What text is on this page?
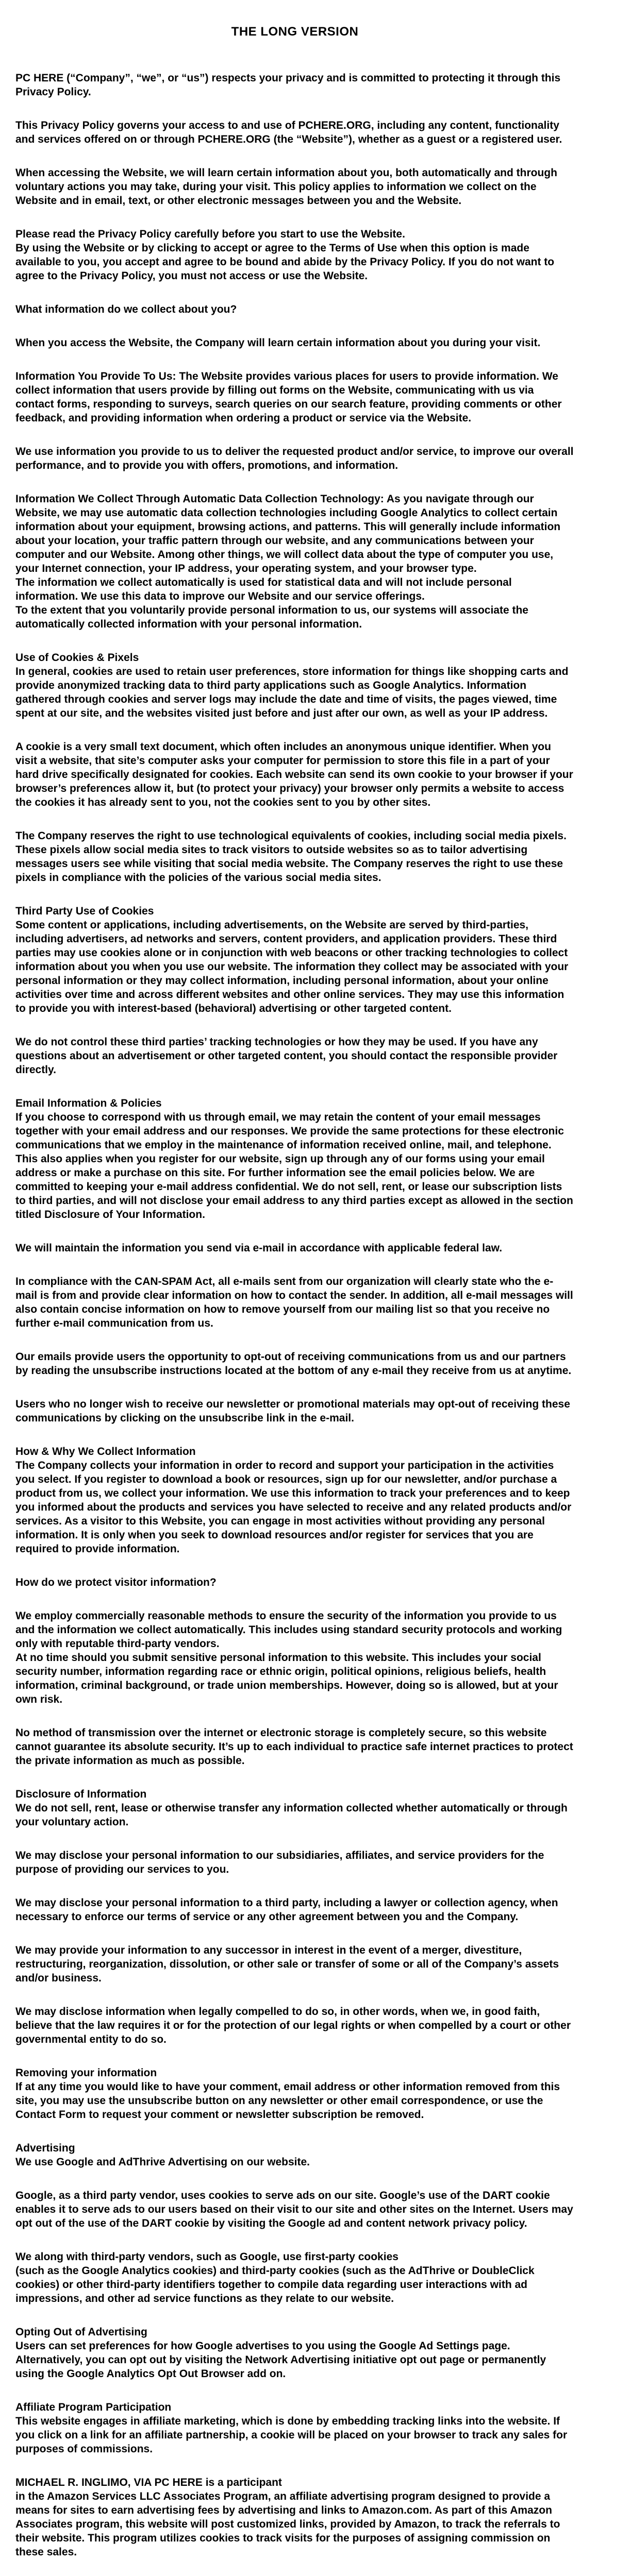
THE LONG VERSION

PC HERE (“Company”, “we”, or “us”) respects your privacy and is committed to protecting it through this Privacy Policy.

This Privacy Policy governs your access to and use of PCHERE.ORG, including any content, functionality and services offered on or through PCHERE.ORG (the “Website”), whether as a guest or a registered user.

When accessing the Website, we will learn certain information about you, both automatically and through voluntary actions you may take, during your visit. This policy applies to information we collect on the Website and in email, text, or other electronic messages between you and the Website.

Please read the Privacy Policy carefully before you start to use the Website.

By using the Website or by clicking to accept or agree to the Terms of Use when this option is made available to you, you accept and agree to be bound and abide by the Privacy Policy. If you do not want to agree to the Privacy Policy, you must not access or use the Website.

What information do we collect about you?

When you access the Website, the Company will learn certain information about you during your visit.

Information You Provide To Us: The Website provides various places for users to provide information. We collect information that users provide by filling out forms on the Website, communicating with us via contact forms, responding to surveys, search queries on our search feature, providing comments or other feedback, and providing information when ordering a product or service via the Website.

We use information you provide to us to deliver the requested product and/or service, to improve our overall performance, and to provide you with offers, promotions, and information.

Information We Collect Through Automatic Data Collection Technology: As you navigate through our Website, we may use automatic data collection technologies including Google Analytics to collect certain information about your equipment, browsing actions, and patterns. This will generally include information about your location, your traffic pattern through our website, and any communications between your computer and our Website. Among other things, we will collect data about the type of computer you use, your Internet connection, your IP address, your operating system, and your browser type.

The information we collect automatically is used for statistical data and will not include personal information. We use this data to improve our Website and our service offerings.

To the extent that you voluntarily provide personal information to us, our systems will associate the automatically collected information with your personal information.

Use of Cookies & Pixels

In general, cookies are used to retain user preferences, store information for things like shopping carts and provide anonymized tracking data to third party applications such as Google Analytics. Information gathered through cookies and server logs may include the date and time of visits, the pages viewed, time spent at our site, and the websites visited just before and just after our own, as well as your IP address.

A cookie is a very small text document, which often includes an anonymous unique identifier. When you visit a website, that site’s computer asks your computer for permission to store this file in a part of your hard drive specifically designated for cookies. Each website can send its own cookie to your browser if your browser’s preferences allow it, but (to protect your privacy) your browser only permits a website to access the cookies it has already sent to you, not the cookies sent to you by other sites.

The Company reserves the right to use technological equivalents of cookies, including social media pixels. These pixels allow social media sites to track visitors to outside websites so as to tailor advertising messages users see while visiting that social media website. The Company reserves the right to use these pixels in compliance with the policies of the various social media sites.

Third Party Use of Cookies

Some content or applications, including advertisements, on the Website are served by third-parties, including advertisers, ad networks and servers, content providers, and application providers. These third parties may use cookies alone or in conjunction with web beacons or other tracking technologies to collect information about you when you use our website. The information they collect may be associated with your personal information or they may collect information, including personal information, about your online activities over time and across different websites and other online services. They may use this information to provide you with interest-based (behavioral) advertising or other targeted content.

We do not control these third parties’ tracking technologies or how they may be used. If you have any questions about an advertisement or other targeted content, you should contact the responsible provider directly.

Email Information & Policies

If you choose to correspond with us through email, we may retain the content of your email messages together with your email address and our responses. We provide the same protections for these electronic communications that we employ in the maintenance of information received online, mail, and telephone. This also applies when you register for our website, sign up through any of our forms using your email address or make a purchase on this site. For further information see the email policies below. We are committed to keeping your e-mail address confidential. We do not sell, rent, or lease our subscription lists to third parties, and will not disclose your email address to any third parties except as allowed in the section titled Disclosure of Your Information.

We will maintain the information you send via e-mail in accordance with applicable federal law.

In compliance with the CAN-SPAM Act, all e-mails sent from our organization will clearly state who the e-mail is from and provide clear information on how to contact the sender. In addition, all e-mail messages will also contain concise information on how to remove yourself from our mailing list so that you receive no further e-mail communication from us.

Our emails provide users the opportunity to opt-out of receiving communications from us and our partners by reading the unsubscribe instructions located at the bottom of any e-mail they receive from us at anytime.

Users who no longer wish to receive our newsletter or promotional materials may opt-out of receiving these communications by clicking on the unsubscribe link in the e-mail.

How & Why We Collect Information

The Company collects your information in order to record and support your participation in the activities you select. If you register to download a book or resources, sign up for our newsletter, and/or purchase a product from us, we collect your information. We use this information to track your preferences and to keep you informed about the products and services you have selected to receive and any related products and/or services. As a visitor to this Website, you can engage in most activities without providing any personal information. It is only when you seek to download resources and/or register for services that you are required to provide information.

How do we protect visitor information?

We employ commercially reasonable methods to ensure the security of the information you provide to us and the information we collect automatically. This includes using standard security protocols and working only with reputable third-party vendors.

At no time should you submit sensitive personal information to this website. This includes your social security number, information regarding race or ethnic origin, political opinions, religious beliefs, health information, criminal background, or trade union memberships. However, doing so is allowed, but at your own risk.

No method of transmission over the internet or electronic storage is completely secure, so this website cannot guarantee its absolute security. It’s up to each individual to practice safe internet practices to protect the private information as much as possible.

Disclosure of Information

We do not sell, rent, lease or otherwise transfer any information collected whether automatically or through your voluntary action.

We may disclose your personal information to our subsidiaries, affiliates, and service providers for the purpose of providing our services to you.

We may disclose your personal information to a third party, including a lawyer or collection agency, when necessary to enforce our terms of service or any other agreement between you and the Company.

We may provide your information to any successor in interest in the event of a merger, divestiture, restructuring, reorganization, dissolution, or other sale or transfer of some or all of the Company’s assets and/or business.

We may disclose information when legally compelled to do so, in other words, when we, in good faith, believe that the law requires it or for the protection of our legal rights or when compelled by a court or other governmental entity to do so.

Removing your information

If at any time you would like to have your comment, email address or other information removed from this site, you may use the unsubscribe button on any newsletter or other email correspondence, or use the Contact Form to request your comment or newsletter subscription be removed.

Advertising

We use Google and AdThrive Advertising on our website.

Google, as a third party vendor, uses cookies to serve ads on our site. Google’s use of the DART cookie enables it to serve ads to our users based on their visit to our site and other sites on the Internet. Users may opt out of the use of the DART cookie by visiting the Google ad and content network privacy policy.

We along with third-party vendors, such as Google, use first-party cookies

(such as the Google Analytics cookies) and third-party cookies (such as the AdThrive or DoubleClick cookies) or other third-party identifiers together to compile data regarding user interactions with ad impressions, and other ad service functions as they relate to our website.

Opting Out of Advertising

Users can set preferences for how Google advertises to you using the Google Ad Settings page. Alternatively, you can opt out by visiting the Network Advertising initiative opt out page or permanently using the Google Analytics Opt Out Browser add on.

Affiliate Program Participation

This website engages in affiliate marketing, which is done by embedding tracking links into the website. If you click on a link for an affiliate partnership, a cookie will be placed on your browser to track any sales for purposes of commissions.

MICHAEL R. INGLIMO, VIA PC HERE is a participant

in the Amazon Services LLC Associates Program, an affiliate advertising program designed to provide a means for sites to earn advertising fees by advertising and links to Amazon.com. As part of this Amazon Associates program, this website will post customized links, provided by Amazon, to track the referrals to their website. This program utilizes cookies to track visits for the purposes of assigning commission on these sales.
